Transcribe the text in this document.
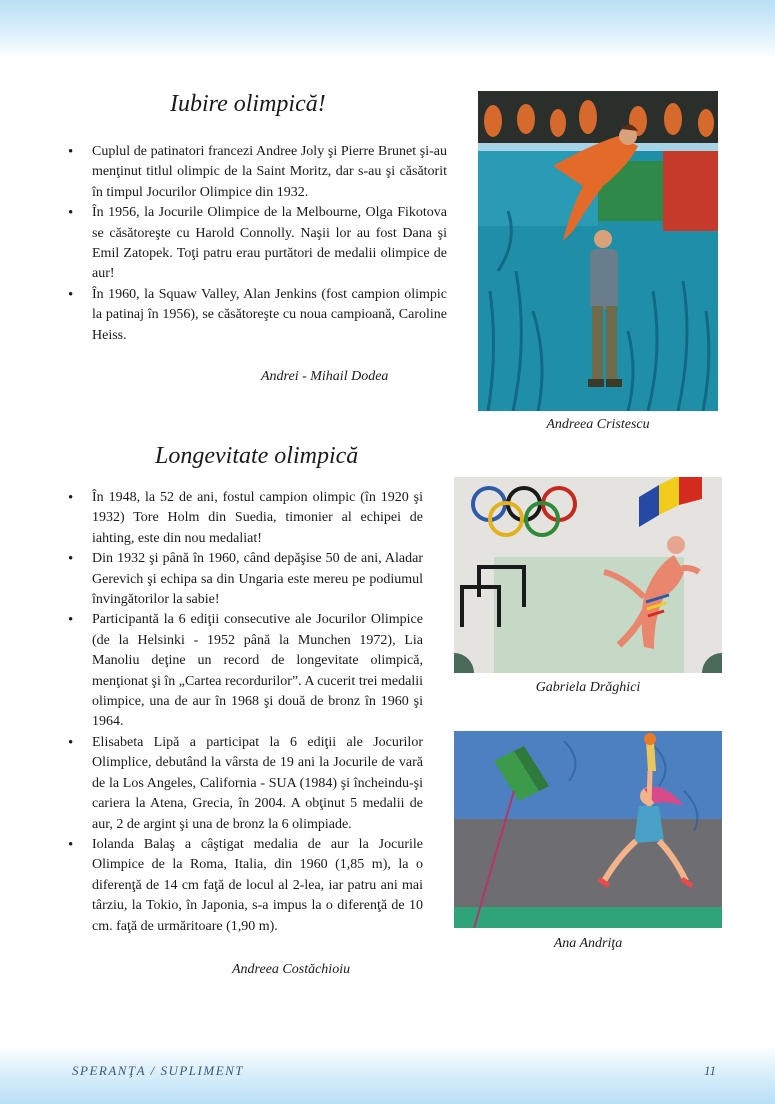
Iubire olimpică!
• Cuplul de patinatori francezi Andree Joly şi Pierre Brunet şi-au menţinut titlul olimpic de la Saint Moritz, dar s-au şi căsătorit în timpul Jocurilor Olimpice din 1932.
• În 1956, la Jocurile Olimpice de la Melbourne, Olga Fikotova se căsătoreşte cu Harold Connolly. Naşii lor au fost Dana şi Emil Zatopek. Toţi patru erau purtători de medalii olimpice de aur!
• În 1960, la Squaw Valley, Alan Jenkins (fost campion olimpic la patinaj în 1956), se căsătoreşte cu noua campioană, Caroline Heiss.
Andrei - Mihail Dodea
Longevitate olimpică
• În 1948, la 52 de ani, fostul campion olimpic (în 1920 şi 1932) Tore Holm din Suedia, timonier al echipei de iahting, este din nou medaliat!
• Din 1932 şi până în 1960, când depăşise 50 de ani, Aladar Gerevich şi echipa sa din Ungaria este mereu pe podiumul învingătorilor la sabie!
• Participantă la 6 ediţii consecutive ale Jocurilor Olimpice (de la Helsinki - 1952 până la Munchen 1972), Lia Manoliu deţine un record de longevitate olimpică, menţionat şi în „Cartea recordurilor”. A cucerit trei medalii olimpice, una de aur în 1968 şi două de bronz în 1960 şi 1964.
• Elisabeta Lipă a participat la 6 ediţii ale Jocurilor Olimplice, debutând la vârsta de 19 ani la Jocurile de vară de la Los Angeles, California - SUA (1984) şi încheindu-şi cariera la Atena, Grecia, în 2004. A obţinut 5 medalii de aur, 2 de argint şi una de bronz la 6 olimpiade.
• Iolanda Balaş a câştigat medalia de aur la Jocurile Olimpice de la Roma, Italia, din 1960 (1,85 m), la o diferenţă de 14 cm faţă de locul al 2-lea, iar patru ani mai târziu, la Tokio, în Japonia, s-a impus la o diferenţă de 10 cm. faţă de urmăritoare (1,90 m).
Andreea Costăchioiu
Andreea Cristescu
Gabriela Drăghici
Ana Andriţa
SPERANŢA / SUPLIMENT	11
